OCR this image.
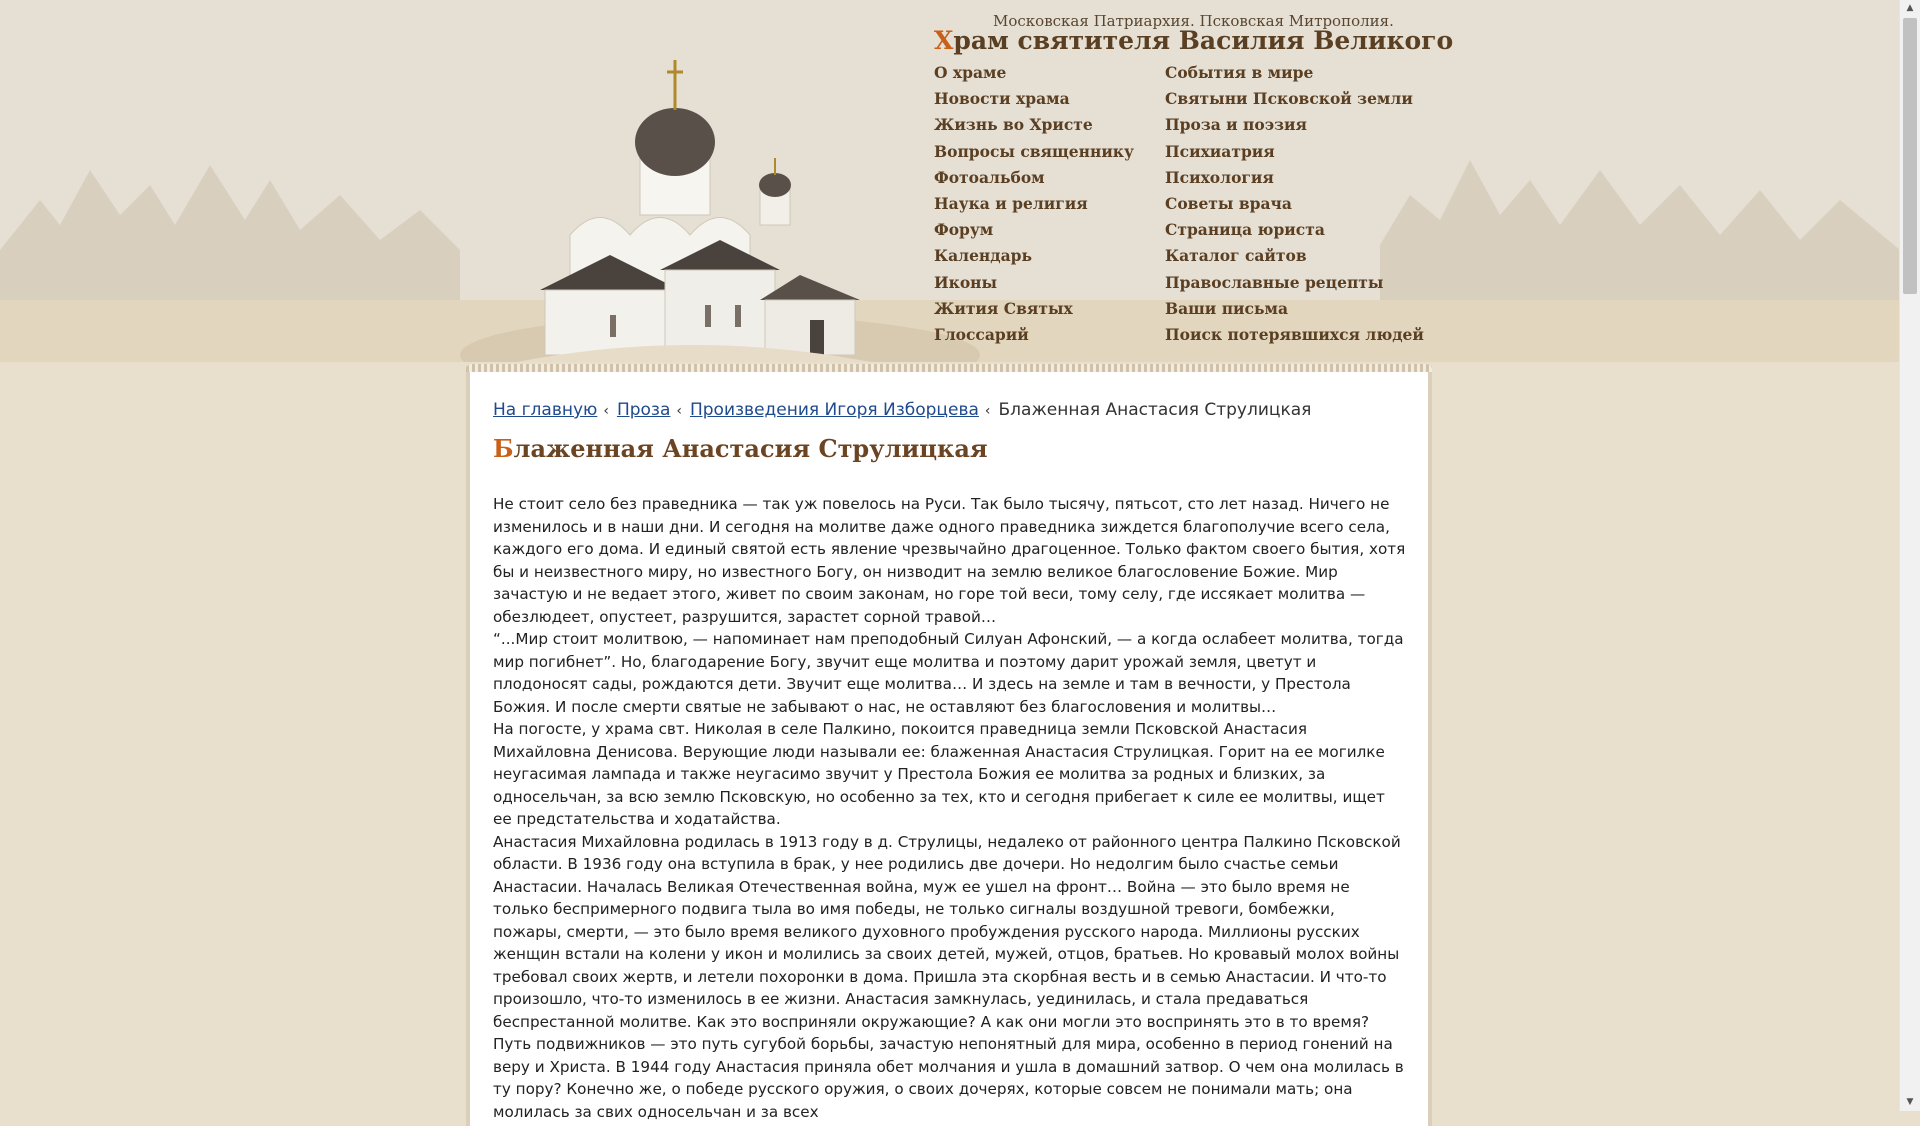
Московская Патриархия. Псковская Митрополия.
Храм святителя Василия Великого
О храме
Новости храма
Жизнь во Христе
Вопросы священнику
Фотоальбом
Наука и религия
Форум
Календарь
Иконы
Жития Святых
Глоссарий
События в мире
Святыни Псковской земли
Проза и поэзия
Психиатрия
Психология
Советы врача
Страница юриста
Каталог сайтов
Православные рецепты
Ваши письма
Поиск потерявшихся людей
На главную ‹ Проза ‹ Произведения Игоря Изборцева ‹ Блаженная Анастасия Струлицкая
Блаженная Анастасия Струлицкая

Не стоит село без праведника — так уж повелось на Руси. Так было тысячу, пятьсот, сто лет назад. Ничего не изменилось и в наши дни. И сегодня на молитве даже одного праведника зиждется благополучие всего села, каждого его дома. И единый святой есть явление чрезвычайно драгоценное. Только фактом своего бытия, хотя бы и неизвестного миру, но известного Богу, он низводит на землю великое благословение Божие. Мир зачастую и не ведает этого, живет по своим законам, но горе той веси, тому селу, где иссякает молитва — обезлюдеет, опустеет, разрушится, зарастет сорной травой…

“...Мир стоит молитвою, — напоминает нам преподобный Силуан Афонский, — а когда ослабеет молитва, тогда мир погибнет”. Но, благодарение Богу, звучит еще молитва и поэтому дарит урожай земля, цветут и плодоносят сады, рождаются дети. Звучит еще молитва… И здесь на земле и там в вечности, у Престола Божия. И после смерти святые не забывают о нас, не оставляют без благословения и молитвы…

На погосте, у храма свт. Николая в селе Палкино, покоится праведница земли Псковской Анастасия Михайловна Денисова. Верующие люди называли ее: блаженная Анастасия Струлицкая. Горит на ее могилке неугасимая лампада и также неугасимо звучит у Престола Божия ее молитва за родных и близких, за односельчан, за всю землю Псковскую, но особенно за тех, кто и сегодня прибегает к силе ее молитвы, ищет ее предстательства и ходатайства.

Анастасия Михайловна родилась в 1913 году в д. Струлицы, недалеко от районного центра Палкино Псковской области. В 1936 году она вступила в брак, у нее родились две дочери. Но недолгим было счастье семьи Анастасии. Началась Великая Отечественная война, муж ее ушел на фронт… Война — это было время не только беспримерного подвига тыла во имя победы, не только сигналы воздушной тревоги, бомбежки, пожары, смерти, — это было время великого духовного пробуждения русского народа. Миллионы русских женщин встали на колени у икон и молились за своих детей, мужей, отцов, братьев. Но кровавый молох войны требовал своих жертв, и летели похоронки в дома. Пришла эта скорбная весть и в семью Анастасии. И что-то произошло, что-то изменилось в ее жизни. Анастасия замкнулась, уединилась, и стала предаваться беспрестанной молитве. Как это восприняли окружающие? А как они могли это воспринять это в то время? Путь подвижников — это путь сугубой борьбы, зачастую непонятный для мира, особенно в период гонений на веру и Христа. В 1944 году Анастасия приняла обет молчания и ушла в домашний затвор. О чем она молилась в ту пору? Конечно же, о победе русского оружия, о своих дочерях, которые совсем не понимали мать; она молилась за свих односельчан и за всех

▲
▼
